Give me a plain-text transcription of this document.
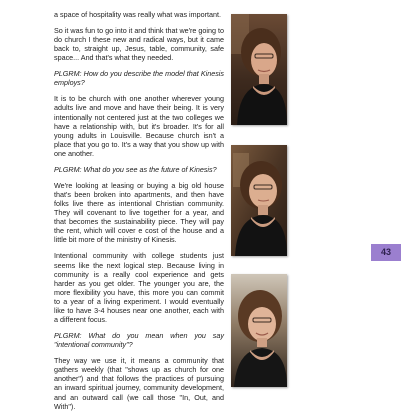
a space of hospitality was really what was important.

So it was fun to go into it and think that we're going to do church I these new and radical ways, but it came back to, straight up, Jesus, table, community, safe space... And that's what they needed.

PLGRM: How do you describe the model that Kinesis employs?

It is to be church with one another wherever young adults live and move and have their being. It is very intentionally not centered just at the two colleges we have a relationship with, but it's broader. It's for all young adults in Louisville. Because church isn't a place that you go to. It's a way that you show up with one another.

PLGRM: What do you see as the future of Kinesis?

We're looking at leasing or buying a big old house that's been broken into apartments, and then have folks live there as intentional Christian community. They will covenant to live together for a year, and that becomes the sustainability piece. They will pay the rent, which will cover e cost of the house and a little bit more of the ministry of Kinesis.

Intentional community with college students just seems like the next logical step. Because living in community is a really cool experience and gets harder as you get older. The younger you are, the more flexibility you have, this more you can commit to a year of a living experiment. I would eventually like to have 3-4 houses near one another, each with a different focus.

PLGRM: What do you mean when you say "intentional community"?

They way we use it, it means a community that gathers weekly (that "shows up as church for one another") and that follows the practices of pursuing an inward spiritual journey, community development, and an outward call (we call those "In, Out, and With").

43
